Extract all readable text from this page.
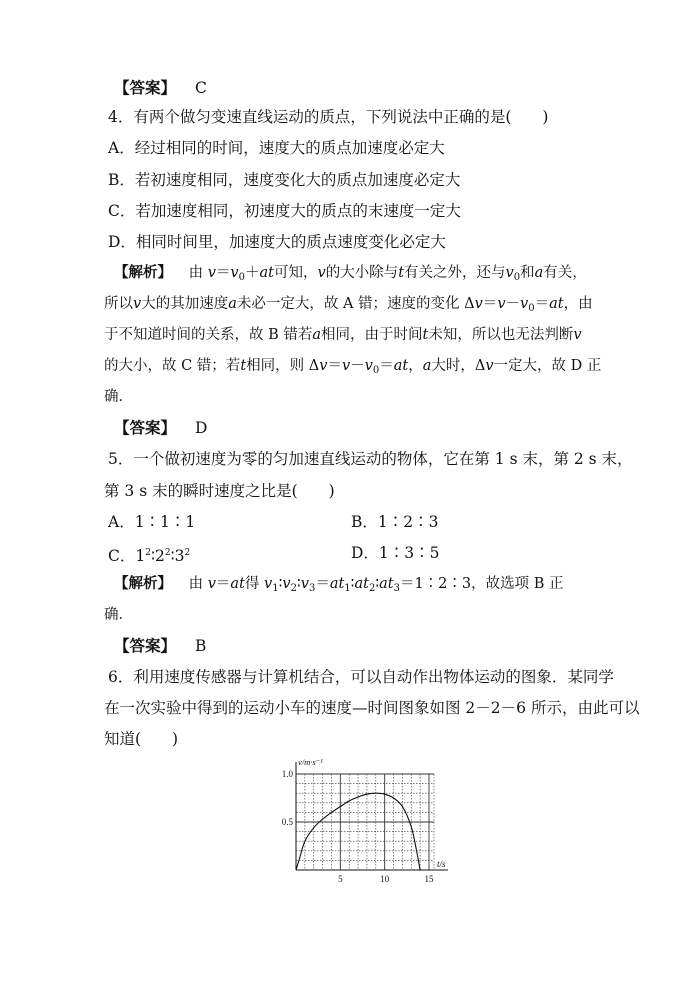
【答案】 C
4．有两个做匀变速直线运动的质点，下列说法中正确的是(　　)
A．经过相同的时间，速度大的质点加速度必定大
B．若初速度相同，速度变化大的质点加速度必定大
C．若加速度相同，初速度大的质点的末速度一定大
D．相同时间里，加速度大的质点速度变化必定大
【解析】 由 $v=v_0+at$可知，v的大小除与t有关之外，还与$v_0$和a有关，
所以v大的其加速度a未必一定大，故 A 错；速度的变化 $\Delta v=v-v_0=at$，由
于不知道时间的关系，故 B 错若a相同，由于时间t未知，所以也无法判断v
的大小，故 C 错；若t相同，则 $\Delta v=v-v_0=at$，a大时，Δv一定大，故 D 正
确．
【答案】 D
5．一个做初速度为零的匀加速直线运动的物体，它在第 1 s 末，第 2 s 末，
第 3 s 末的瞬时速度之比是(　　)
A．1∶1∶1	B．1∶2∶3
C．$1^2∶2^2∶3^2$	D．1∶3∶5
【解析】 由 v＝at得 $v_1∶v_2∶v_3=at_1∶at_2∶at_3=1∶2∶3$，故选项 B 正
确．
【答案】 B
6．利用速度传感器与计算机结合，可以自动作出物体运动的图象．某同学
在一次实验中得到的运动小车的速度—时间图象如图 2－2－6 所示，由此可以
知道(　　)
v/m·s⁻¹
t/s
5	10	15
0.5
1.0
